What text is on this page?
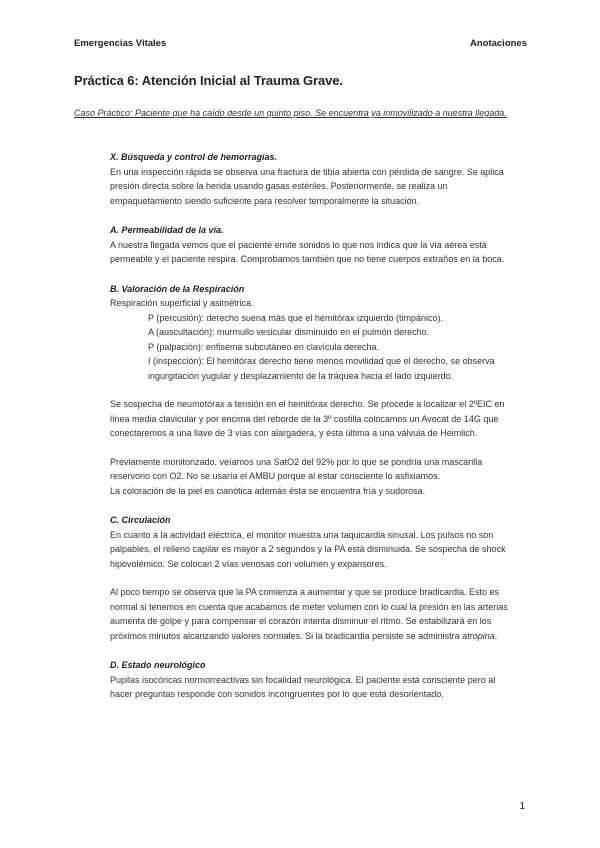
Emergencias Vitales	Anotaciones
Práctica 6: Atención Inicial al Trauma Grave.
Caso Práctico: Paciente que ha caído desde un quinto piso. Se encuentra ya inmovilizado a nuestra llegada.
X. Búsqueda y control de hemorragias.

En una inspección rápida se observa una fractura de tibia abierta con pérdida de sangre. Se aplica presión directa sobre la herida usando gasas estériles. Posteriormente, se realiza un empaquetamiento siendo suficiente para resolver temporalmente la situación.

A. Permeabilidad de la vía.

A nuestra llegada vemos que el paciente emite sonidos lo que nos indica que la vía aérea está permeable y el paciente respira. Comprobamos también que no tiene cuerpos extraños en la boca.

B. Valoración de la Respiración

Respiración superficial y asimétrica.

P (percusión): derecho suena más que el hemitórax izquierdo (timpánico).

A (auscultación): murmullo vesicular disminuido en el pulmón derecho.

P (palpación): enfisema subcutáneo en clavícula derecha.

I (inspección): El hemitórax derecho tiene menos movilidad que el derecho, se observa ingurgitación yugular y desplazamiento de la tráquea hacia el lado izquierdo.

Se sospecha de neumotórax a tensión en el hemitórax derecho. Se procede a localizar el 2ºEIC en línea media clavicular y por encima del reborde de la 3º costilla colocamos un Avocat de 14G que conectaremos a una llave de 3 vías con alargadera, y ésta última a una válvula de Heimlich.

Previamente monitorizado, veíamos una SatO2 del 92% por lo que se pondría una mascarilla reservorio con O2. No se usaría el AMBU porque al estar consciente lo asfixiamos.

La coloración de la piel es cianótica además ésta se encuentra fría y sudorosa.

C. Circulación

En cuanto a la actividad eléctrica, el monitor muestra una taquicardia sinusal. Los pulsos no son palpables, el relleno capilar es mayor a 2 segundos y la PA está disminuida. Se sospecha de shock hipovolémico. Se colocan 2 vías venosas con volumen y expansores.

Al poco tiempo se observa que la PA comienza a aumentar y que se produce bradicardia. Esto es normal si tenemos en cuenta que acabamos de meter volumen con lo cual la presión en las arterias aumenta de golpe y para compensar el corazón intenta disminuir el ritmo. Se estabilizará en los próximos minutos alcanzando valores normales. Si la bradicardia persiste se administra atropina.

D. Estado neurológico

Pupilas isocóricas normorreactivas sin focalidad neurológica. El paciente está consciente pero al hacer preguntas responde con sonidos incongruentes por lo que está desorientado.

1
